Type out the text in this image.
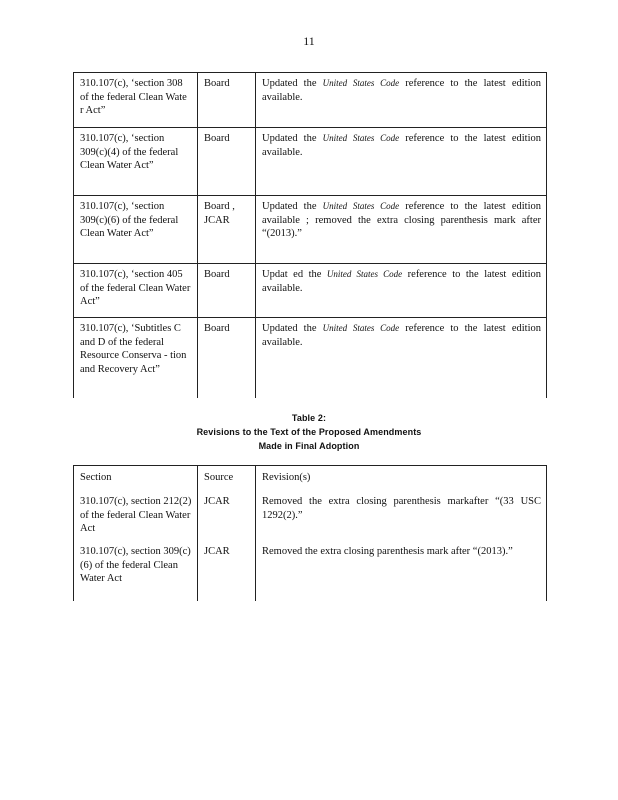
11
310.107(c), ‘section 308 of the federal Clean Wate r Act”	Board	Updated the United States Code reference to the latest edition available.
310.107(c), ‘section 309(c)(4) of the federal Clean Water Act”	Board	Updated the United States Code reference to the latest edition available.
310.107(c), ‘section 309(c)(6) of the federal Clean Water Act”	Board , JCAR	Updated the United States Code reference to the latest edition available ; removed the extra closing parenthesis mark after “(2013).”
310.107(c), ‘section 405 of the federal Clean Water Act”	Board	Updat ed the United States Code reference to the latest edition available.
310.107(c), ‘Subtitles C and D of the federal Resource Conserva - tion and Recovery Act”	Board	Updated the United States Code reference to the latest edition available.
Table 2:
Revisions to the Text of the Proposed Amendments
Made in Final Adoption
Section	Source	Revision(s)
310.107(c), section 212(2) of the federal Clean Water Act	JCAR	Removed the extra closing parenthesis markafter “(33 USC 1292(2).”
310.107(c), section 309(c)(6) of the federal Clean Water Act	JCAR	Removed the extra closing parenthesis mark after “(2013).”
